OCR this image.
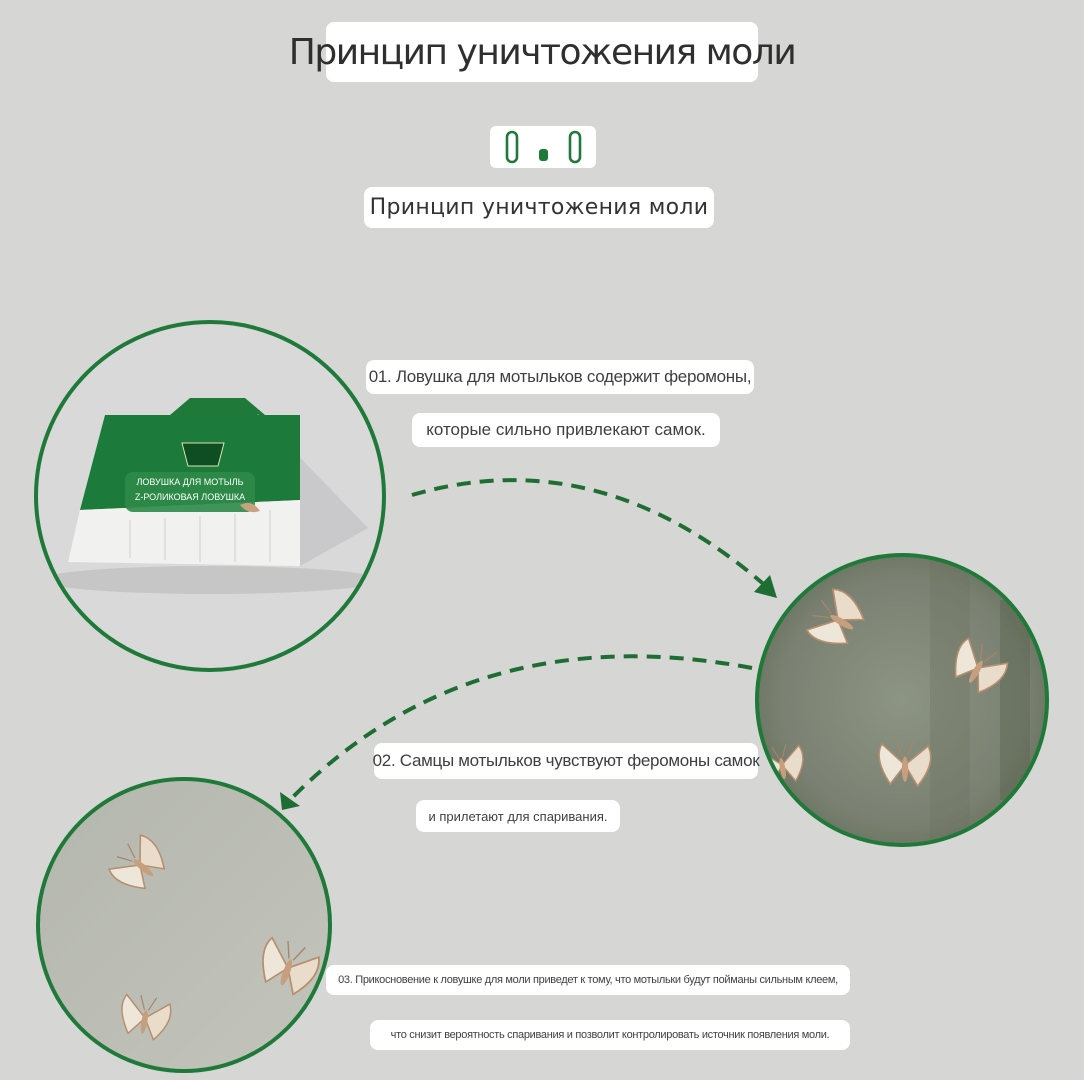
Принцип уничтожения моли
Принцип уничтожения моли
ЛОВУШКА ДЛЯ МОТЫЛЬ
Z-РОЛИКОВАЯ ЛОВУШКА
01. Ловушка для мотыльков содержит феромоны,
которые сильно привлекают самок.
02. Самцы мотыльков чувствуют феромоны самок
и прилетают для спаривания.
03. Прикосновение к ловушке для моли приведет к тому, что мотыльки будут пойманы сильным клеем,
что снизит вероятность спаривания и позволит контролировать источник появления моли.
